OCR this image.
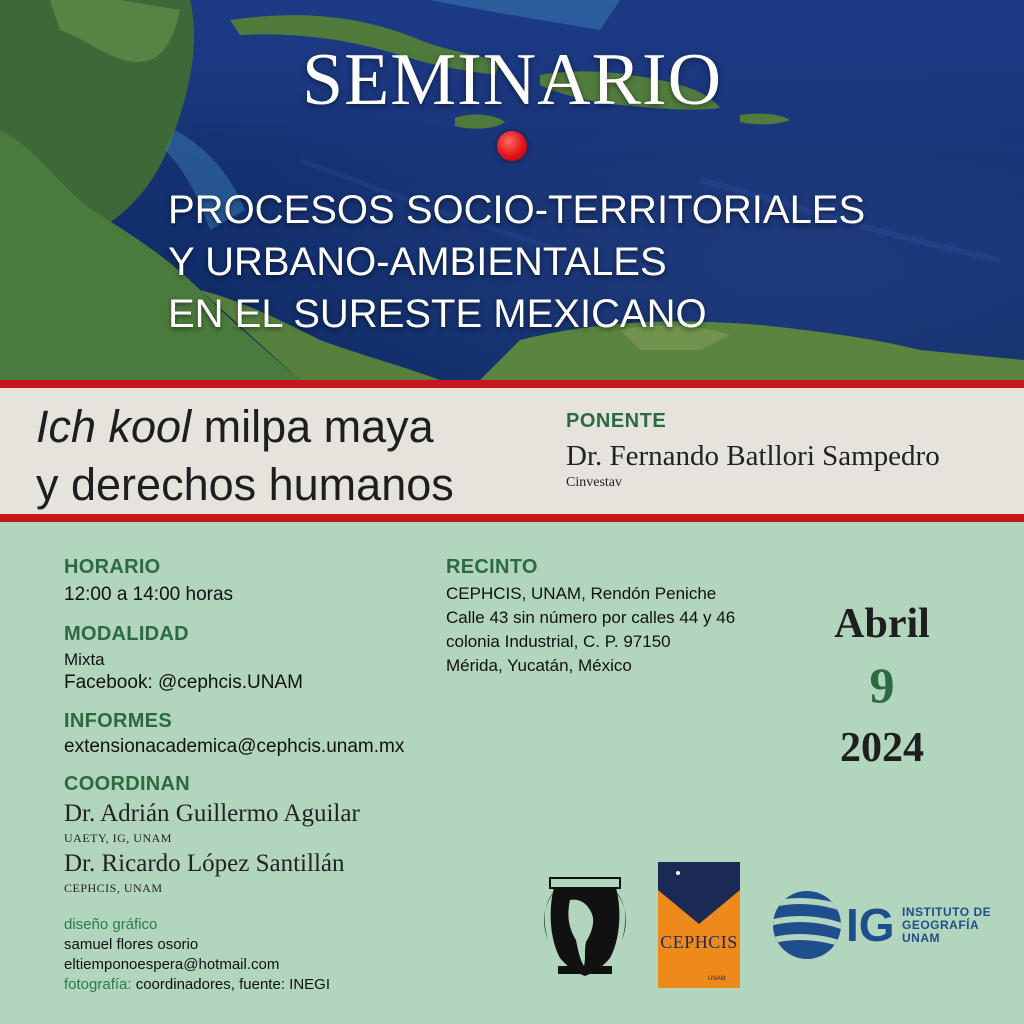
SEMINARIO
PROCESOS SOCIO-TERRITORIALES
Y URBANO-AMBIENTALES
EN EL SURESTE MEXICANO
Ich kool milpa maya
y derechos humanos
PONENTE
Dr. Fernando Batllori Sampedro
Cinvestav
HORARIO
12:00 a 14:00 horas
MODALIDAD
Mixta
Facebook: @cephcis.UNAM
INFORMES
extensionacademica@cephcis.unam.mx
COORDINAN
Dr. Adrián Guillermo Aguilar
UAETY, IG, UNAM
Dr. Ricardo López Santillán
CEPHCIS, UNAM
diseño gráfico
samuel flores osorio
eltiemponoespera@hotmail.com
fotografía: coordinadores, fuente: INEGI
RECINTO
CEPHCIS, UNAM, Rendón Peniche
Calle 43 sin número por calles 44 y 46
colonia Industrial, C. P. 97150
Mérida, Yucatán, México
Abril
9
2024
CEPHCIS
UNAM
IG INSTITUTO DE
GEOGRAFÍA
UNAM
